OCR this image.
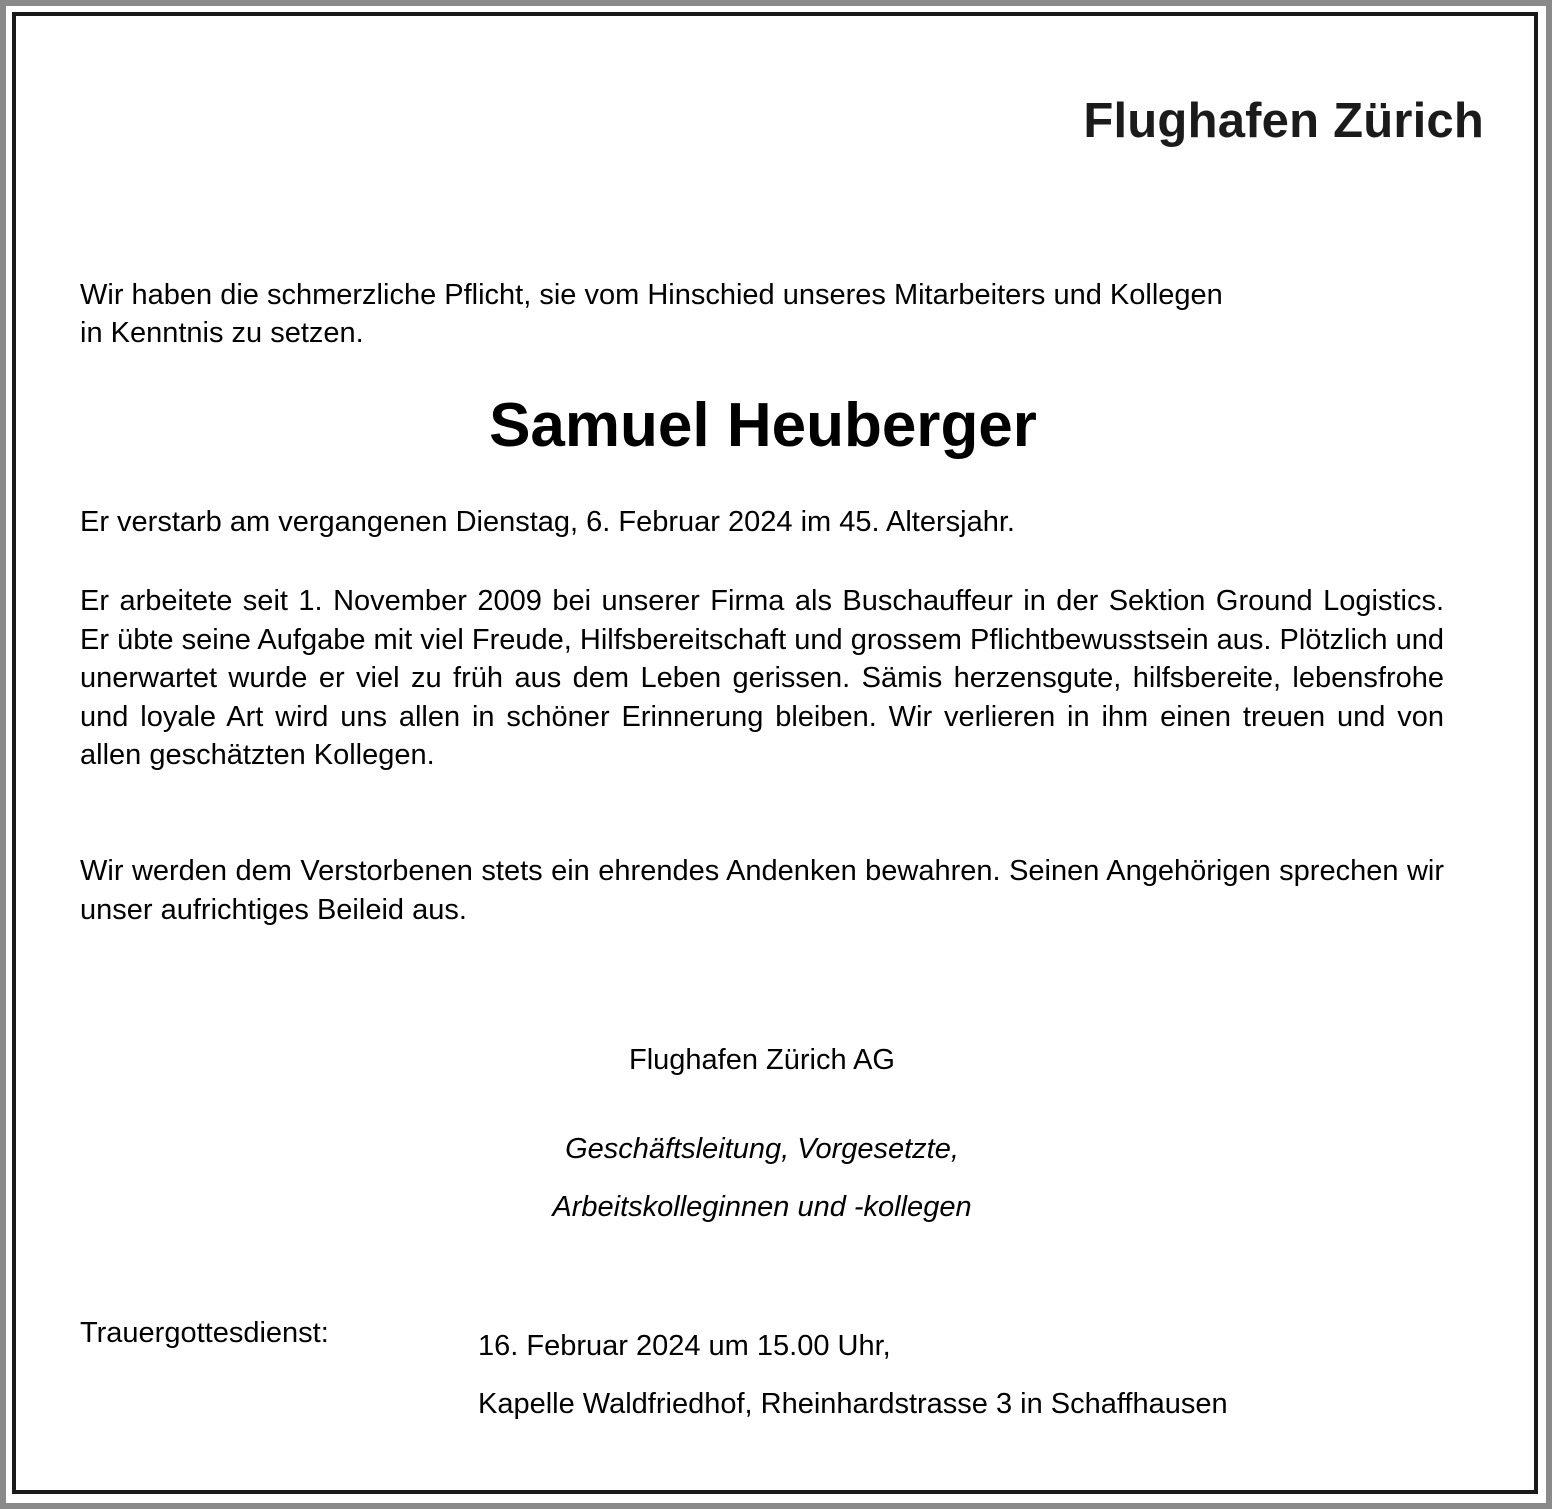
Flughafen Zürich
Wir haben die schmerzliche Pflicht, sie vom Hinschied unseres Mitarbeiters und Kollegen
in Kenntnis zu setzen.
Samuel Heuberger
Er verstarb am vergangenen Dienstag, 6. Februar 2024 im 45. Altersjahr.
Er arbeitete seit 1. November 2009 bei unserer Firma als Buschauffeur in der Sektion Ground Logistics. Er übte seine Aufgabe mit viel Freude, Hilfsbereitschaft und grossem Pflichtbewusstsein aus. Plötzlich und unerwartet wurde er viel zu früh aus dem Leben gerissen. Sämis herzensgute, hilfsbereite, lebensfrohe und loyale Art wird uns allen in schöner Erinnerung bleiben. Wir verlieren in ihm einen treuen und von allen geschätzten Kollegen.
Wir werden dem Verstorbenen stets ein ehrendes Andenken bewahren. Seinen Angehörigen sprechen wir unser aufrichtiges Beileid aus.
Flughafen Zürich AG
Geschäftsleitung, Vorgesetzte,
Arbeitskolleginnen und -kollegen
Trauergottesdienst:	16. Februar 2024 um 15.00 Uhr,
Kapelle Waldfriedhof, Rheinhardstrasse 3 in Schaffhausen
